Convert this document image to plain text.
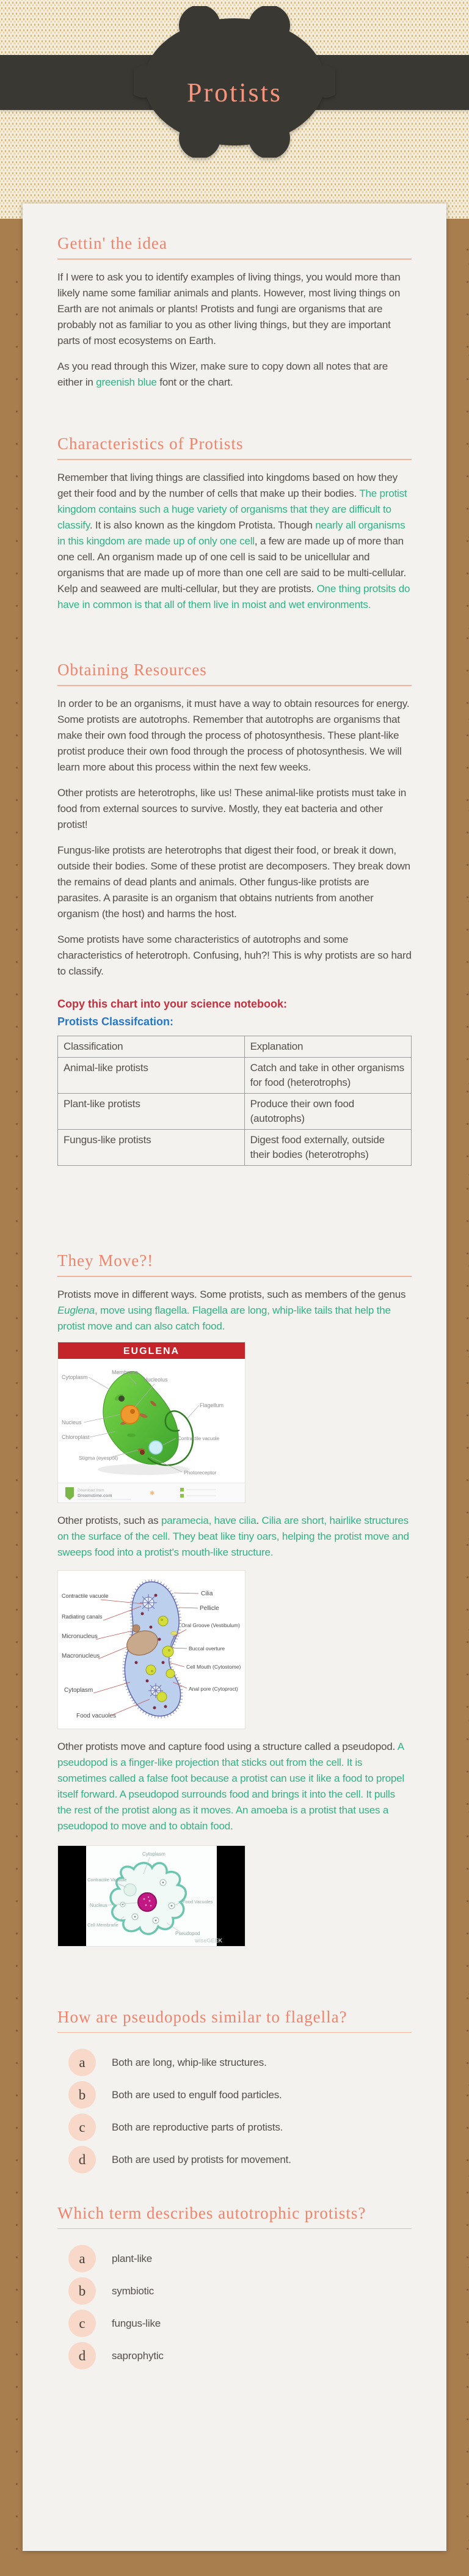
Protists
Gettin' the idea

If I were to ask you to identify examples of living things, you would more than likely name some familiar animals and plants. However, most living things on Earth are not animals or plants! Protists and fungi are organisms that are probably not as familiar to you as other living things, but they are important parts of most ecosystems on Earth.

As you read through this Wizer, make sure to copy down all notes that are either in greenish blue font or the chart.

Characteristics of Protists

Remember that living things are classified into kingdoms based on how they get their food and by the number of cells that make up their bodies. The protist kingdom contains such a huge variety of organisms that they are difficult to classify. It is also known as the kingdom Protista. Though nearly all organisms in this kingdom are made up of only one cell, a few are made up of more than one cell. An organism made up of one cell is said to be unicellular and organisms that are made up of more than one cell are said to be multi-cellular. Kelp and seaweed are multi-cellular, but they are protists. One thing protsits do have in common is that all of them live in moist and wet environments.

Obtaining Resources

In order to be an organisms, it must have a way to obtain resources for energy. Some protists are autotrophs. Remember that autotrophs are organisms that make their own food through the process of photosynthesis. These plant-like protist produce their own food through the process of photosynthesis. We will learn more about this process within the next few weeks.

Other protists are heterotrophs, like us! These animal-like protists must take in food from external sources to survive. Mostly, they eat bacteria and other protist!

Fungus-like protists are heterotrophs that digest their food, or break it down, outside their bodies. Some of these protist are decomposers. They break down the remains of dead plants and animals. Other fungus-like protists are parasites. A parasite is an organism that obtains nutrients from another organism (the host) and harms the host.

Some protists have some characteristics of autotrophs and some characteristics of heterotroph. Confusing, huh?! This is why protists are so hard to classify.

Copy this chart into your science notebook:

Protists Classifcation:

Classification	Explanation
Animal-like protists	Catch and take in other organisms for food (heterotrophs)
Plant-like protists	Produce their own food (autotrophs)
Fungus-like protists	Digest food externally, outside their bodies (heterotrophs)
They Move?!

Protists move in different ways. Some protists, such as members of the genus Euglena, move using flagella. Flagella are long, whip-like tails that help the protist move and can also catch food.

EUGLENA
Cytoplasm
Membrane
Nucleolus
Flagellum
Nucleus
Contractile vacuole
Chloroplast
Stigma (eyespot)
Photoreceptor
Download from
Dreamstime.com	✱

Other protists, such as paramecia, have cilia. Cilia are short, hairlike structures on the surface of the cell. They beat like tiny oars, helping the protist move and sweeps food into a protist's mouth-like structure.

Contractile vacuole
Radiating canals
Micronucleus
Macronucleus
Cytoplasm
Food vacuoles
Cilia
Pellicle
Oral Groove (Vestibulum)
Buccal overture
Cell Mouth (Cytostome)
Anal pore (Cytoproct)

Other protists move and capture food using a structure called a pseudopod. A pseudopod is a finger-like projection that sticks out from the cell. It is sometimes called a false foot because a protist can use it like a food to propel itself forward. A pseudopod surrounds food and brings it into the cell. It pulls the rest of the protist along as it moves. An amoeba is a protist that uses a pseudopod to move and to obtain food.

Cytoplasm
Contractile Vacuole
Food Vacuoles
Nucleus
Cell Membrane
Pseudopod
wiseGEEK
How are pseudopods similar to flagella?
a	Both are long, whip-like structures.
b	Both are used to engulf food particles.
c	Both are reproductive parts of protists.
d	Both are used by protists for movement.
Which term describes autotrophic protists?
a	plant-like
b	symbiotic
c	fungus-like
d	saprophytic
